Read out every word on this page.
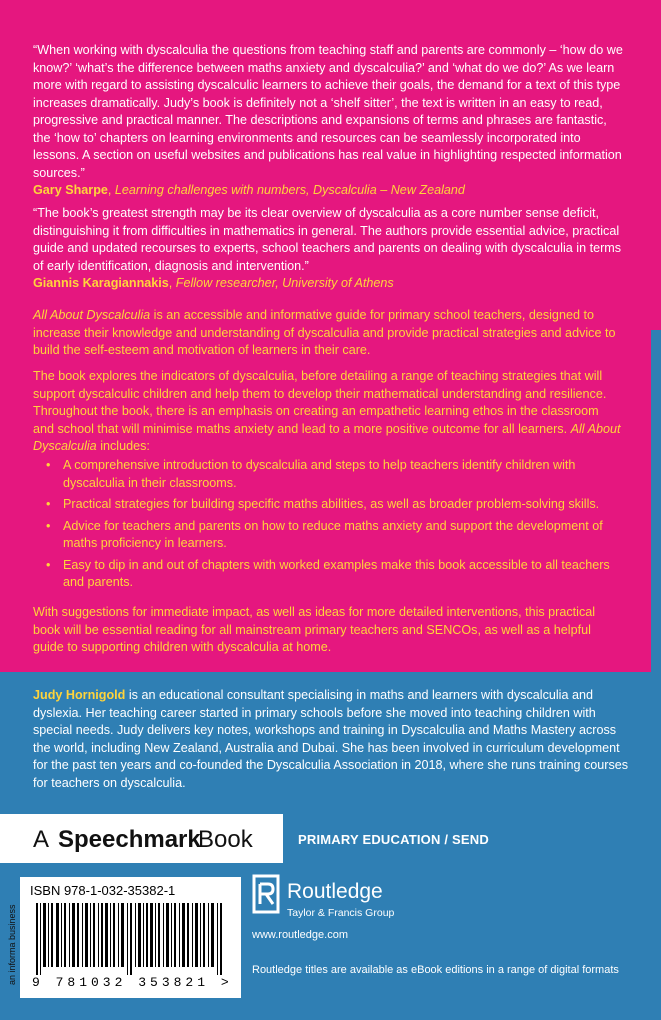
“When working with dyscalculia the questions from teaching staff and parents are commonly – ‘how do we know?’ ‘what’s the difference between maths anxiety and dyscalculia?’ and ‘what do we do?’ As we learn more with regard to assisting dyscalculic learners to achieve their goals, the demand for a text of this type increases dramatically. Judy’s book is definitely not a ‘shelf sitter’, the text is written in an easy to read, progressive and practical manner. The descriptions and expansions of terms and phrases are fantastic, the ‘how to’ chapters on learning environments and resources can be seamlessly incorporated into lessons. A section on useful websites and publications has real value in highlighting respected information sources.”
Gary Sharpe, Learning challenges with numbers, Dyscalculia – New Zealand
“The book’s greatest strength may be its clear overview of dyscalculia as a core number sense deficit, distinguishing it from difficulties in mathematics in general. The authors provide essential advice, practical guide and updated recourses to experts, school teachers and parents on dealing with dyscalculia in terms of early identification, diagnosis and intervention.”
Giannis Karagiannakis, Fellow researcher, University of Athens
All About Dyscalculia is an accessible and informative guide for primary school teachers, designed to increase their knowledge and understanding of dyscalculia and provide practical strategies and advice to build the self-esteem and motivation of learners in their care.
The book explores the indicators of dyscalculia, before detailing a range of teaching strategies that will support dyscalculic children and help them to develop their mathematical understanding and resilience. Throughout the book, there is an emphasis on creating an empathetic learning ethos in the classroom and school that will minimise maths anxiety and lead to a more positive outcome for all learners. All About Dyscalculia includes:
• A comprehensive introduction to dyscalculia and steps to help teachers identify children with dyscalculia in their classrooms.
• Practical strategies for building specific maths abilities, as well as broader problem-solving skills.
• Advice for teachers and parents on how to reduce maths anxiety and support the development of maths proficiency in learners.
• Easy to dip in and out of chapters with worked examples make this book accessible to all teachers and parents.
With suggestions for immediate impact, as well as ideas for more detailed interventions, this practical book will be essential reading for all mainstream primary teachers and SENCOs, as well as a helpful guide to supporting children with dyscalculia at home.
Judy Hornigold is an educational consultant specialising in maths and learners with dyscalculia and dyslexia. Her teaching career started in primary schools before she moved into teaching children with special needs. Judy delivers key notes, workshops and training in Dyscalculia and Maths Mastery across the world, including New Zealand, Australia and Dubai. She has been involved in curriculum development for the past ten years and co-founded the Dyscalculia Association in 2018, where she runs training courses for teachers on dyscalculia.
A Speechmark
Book	PRIMARY EDUCATION / SEND
ISBN 978-1-032-35382-1
9 781032 353821 >
an informa business
Routledge
Taylor & Francis Group
www.routledge.com
Routledge titles are available as eBook editions in a range of digital formats
